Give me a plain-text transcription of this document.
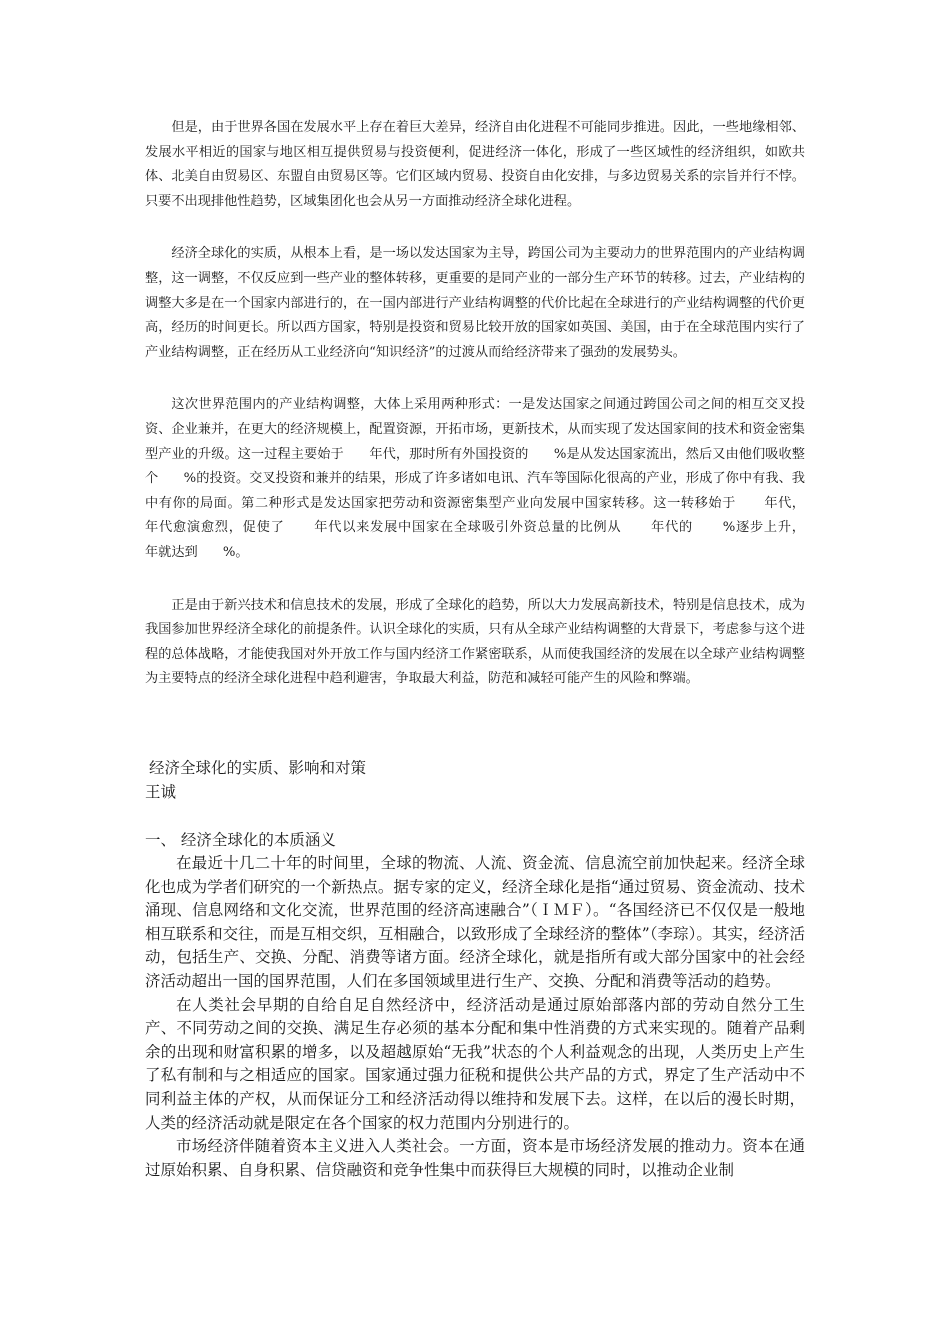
但是，由于世界各国在发展水平上存在着巨大差异，经济自由化进程不可能同步推进。因此，一些地缘相邻、发展水平相近的国家与地区相互提供贸易与投资便利，促进经济一体化，形成了一些区域性的经济组织，如欧共体、北美自由贸易区、东盟自由贸易区等。它们区域内贸易、投资自由化安排，与多边贸易关系的宗旨并行不悖。只要不出现排他性趋势，区域集团化也会从另一方面推动经济全球化进程。

经济全球化的实质，从根本上看，是一场以发达国家为主导，跨国公司为主要动力的世界范围内的产业结构调整，这一调整，不仅反应到一些产业的整体转移，更重要的是同产业的一部分生产环节的转移。过去，产业结构的调整大多是在一个国家内部进行的，在一国内部进行产业结构调整的代价比起在全球进行的产业结构调整的代价更高，经历的时间更长。所以西方国家，特别是投资和贸易比较开放的国家如英国、美国，由于在全球范围内实行了产业结构调整，正在经历从工业经济向“知识经济”的过渡从而给经济带来了强劲的发展势头。

这次世界范围内的产业结构调整，大体上采用两种形式：一是发达国家之间通过跨国公司之间的相互交叉投资、企业兼并，在更大的经济规模上，配置资源，开拓市场，更新技术，从而实现了发达国家间的技术和资金密集型产业的升级。这一过程主要始于      年代，那时所有外国投资的      %是从发达国家流出，然后又由他们吸收整个      %的投资。交叉投资和兼并的结果，形成了许多诸如电讯、汽车等国际化很高的产业，形成了你中有我、我中有你的局面。第二种形式是发达国家把劳动和资源密集型产业向发展中国家转移。这一转移始于      年代，      年代愈演愈烈，促使了      年代以来发展中国家在全球吸引外资总量的比例从      年代的      %逐步上升，         年就达到      %。

正是由于新兴技术和信息技术的发展，形成了全球化的趋势，所以大力发展高新技术，特别是信息技术，成为我国参加世界经济全球化的前提条件。认识全球化的实质，只有从全球产业结构调整的大背景下，考虑参与这个进程的总体战略，才能使我国对外开放工作与国内经济工作紧密联系，从而使我国经济的发展在以全球产业结构调整为主要特点的经济全球化进程中趋利避害，争取最大利益，防范和减轻可能产生的风险和弊端。

经济全球化的实质、影响和对策
王诚
一、 经济全球化的本质涵义

在最近十几二十年的时间里，全球的物流、人流、资金流、信息流空前加快起来。经济全球化也成为学者们研究的一个新热点。据专家的定义，经济全球化是指“通过贸易、资金流动、技术涌现、信息网络和文化交流，世界范围的经济高速融合”（ＩＭＦ）。“各国经济已不仅仅是一般地相互联系和交往，而是互相交织，互相融合，以致形成了全球经济的整体”（李琮）。其实，经济活动，包括生产、交换、分配、消费等诸方面。经济全球化，就是指所有或大部分国家中的社会经济活动超出一国的国界范围，人们在多国领域里进行生产、交换、分配和消费等活动的趋势。

在人类社会早期的自给自足自然经济中，经济活动是通过原始部落内部的劳动自然分工生产、不同劳动之间的交换、满足生存必须的基本分配和集中性消费的方式来实现的。随着产品剩余的出现和财富积累的增多，以及超越原始“无我”状态的个人利益观念的出现，人类历史上产生了私有制和与之相适应的国家。国家通过强力征税和提供公共产品的方式，界定了生产活动中不同利益主体的产权，从而保证分工和经济活动得以维持和发展下去。这样，在以后的漫长时期，人类的经济活动就是限定在各个国家的权力范围内分别进行的。

市场经济伴随着资本主义进入人类社会。一方面，资本是市场经济发展的推动力。资本在通过原始积累、自身积累、信贷融资和竞争性集中而获得巨大规模的同时，以推动企业制
